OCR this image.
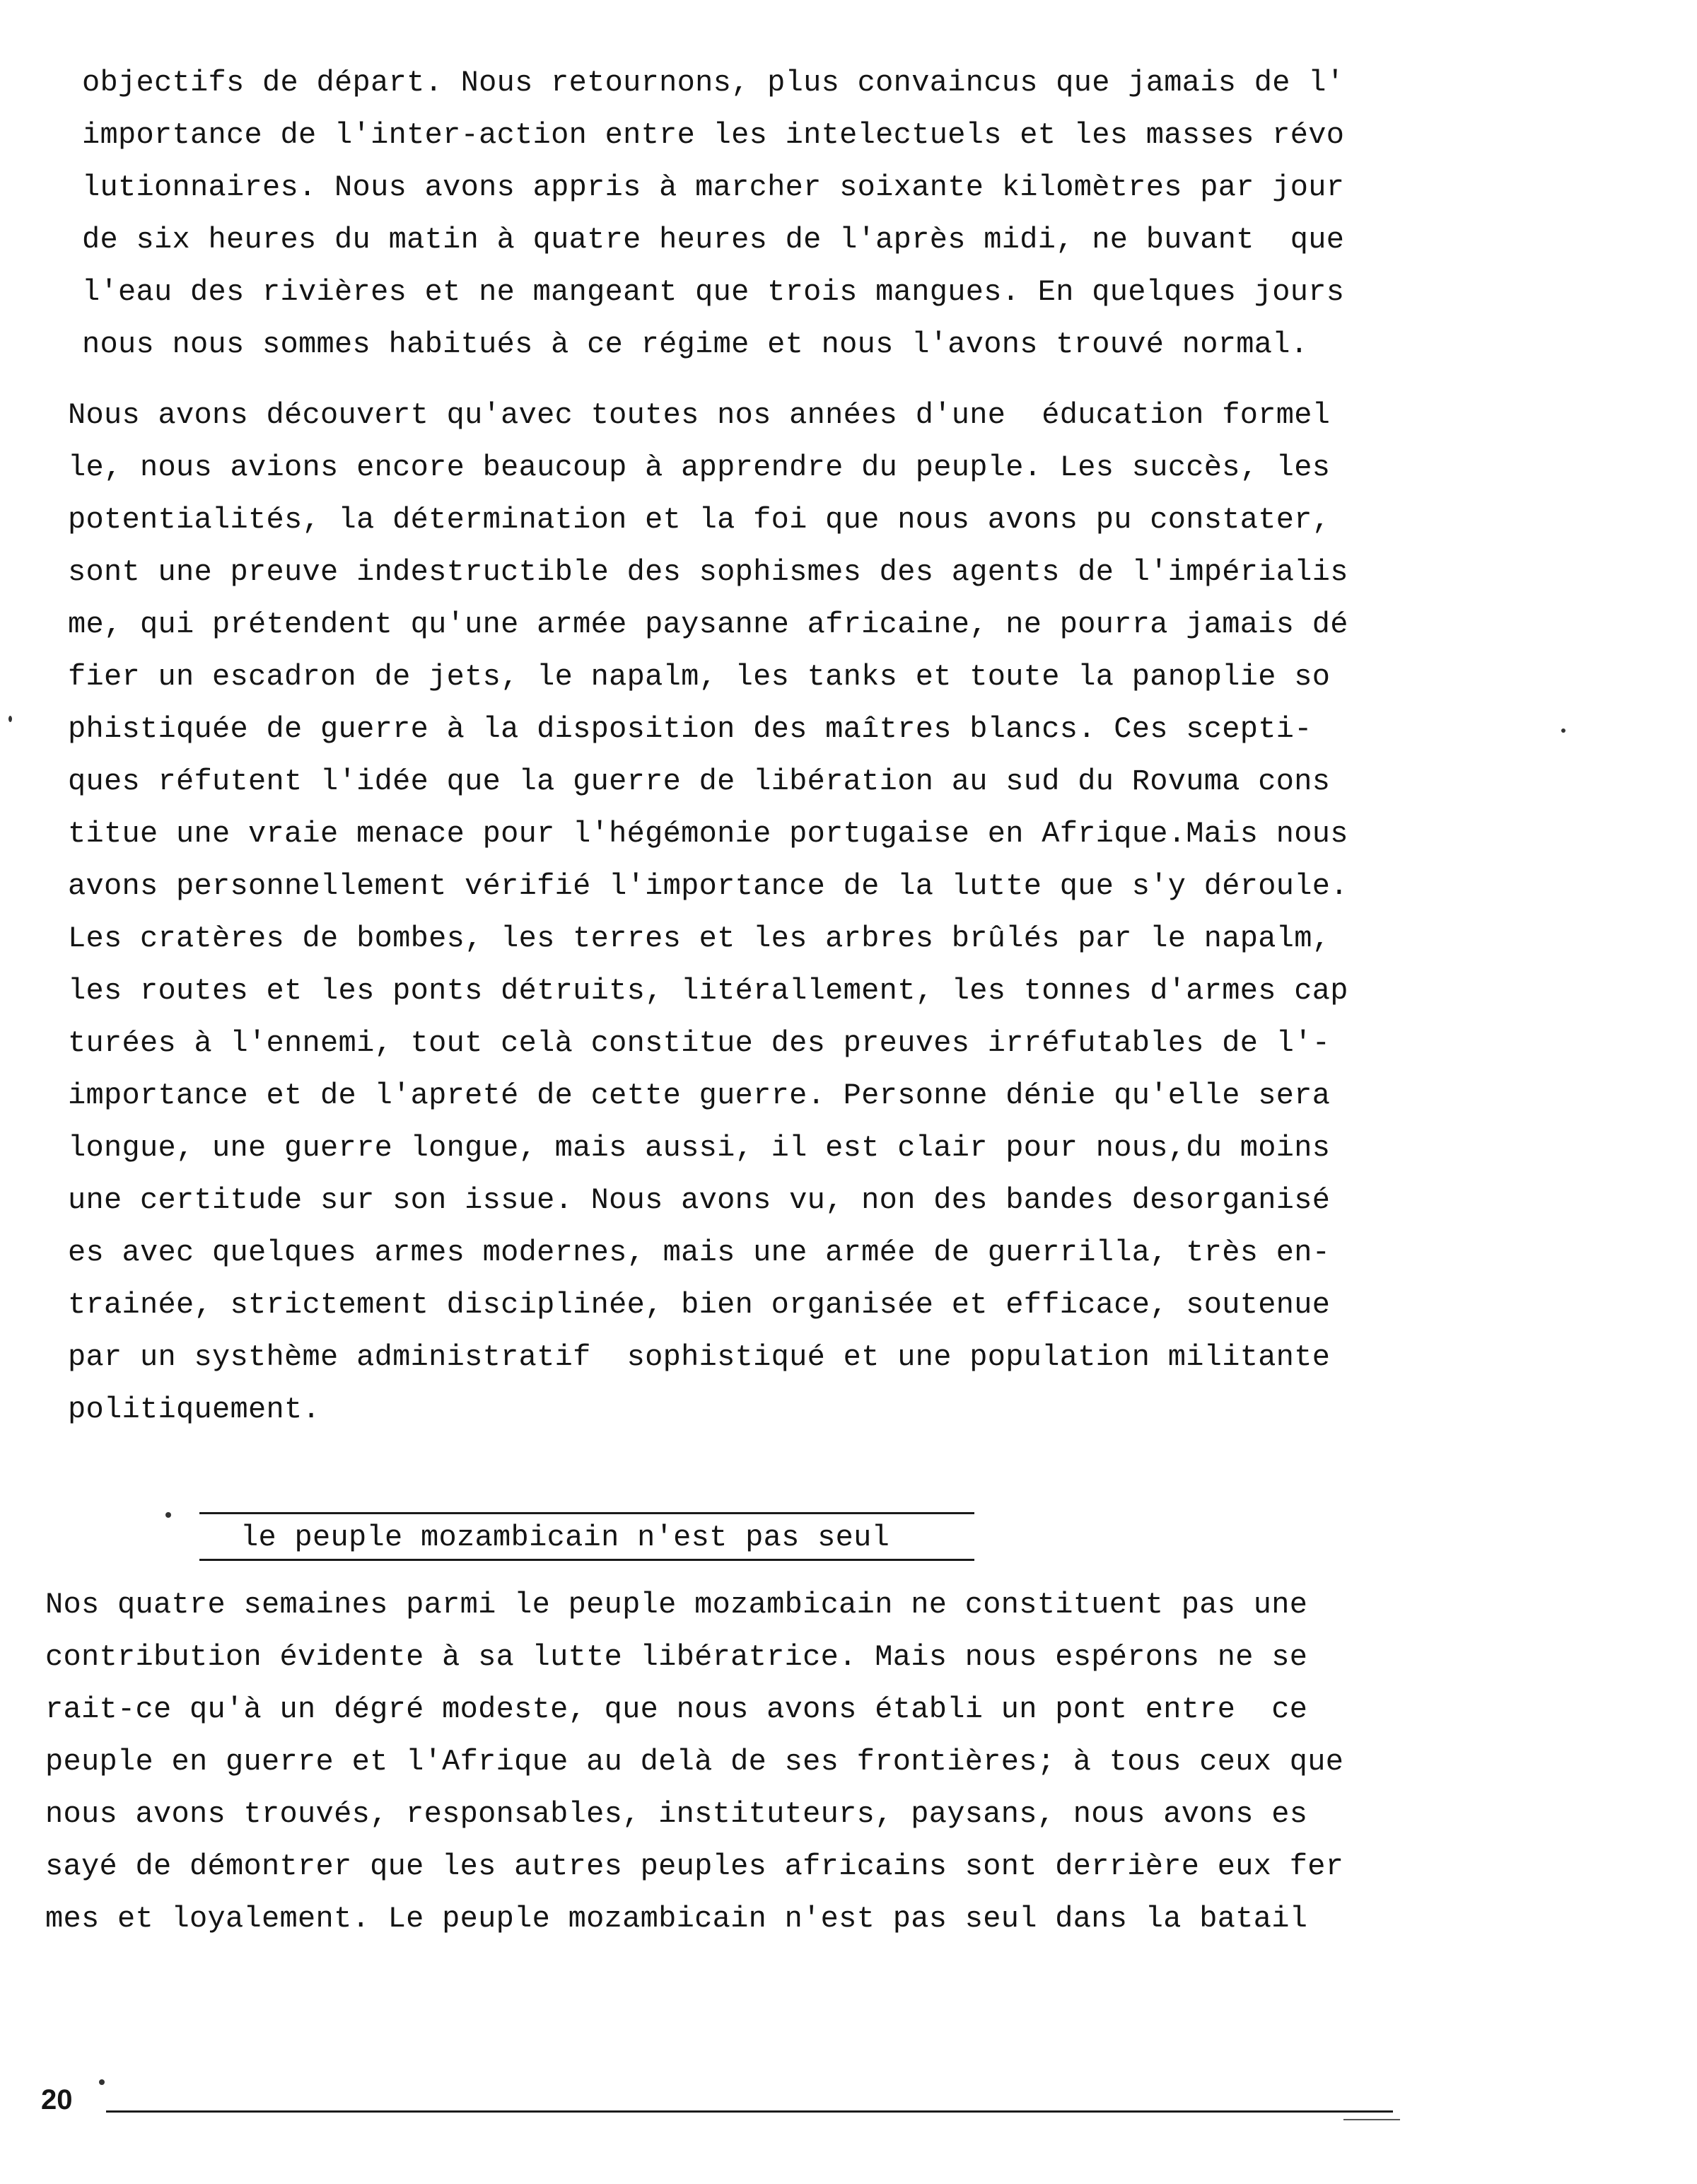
objectifs de départ. Nous retournons, plus convaincus que jamais de l'
importance de l'inter-action entre les intelectuels et les masses révo
lutionnaires. Nous avons appris à marcher soixante kilomètres par jour
de six heures du matin à quatre heures de l'après midi, ne buvant  que
l'eau des rivières et ne mangeant que trois mangues. En quelques jours
nous nous sommes habitués à ce régime et nous l'avons trouvé normal.

Nous avons découvert qu'avec toutes nos années d'une  éducation formel
le, nous avions encore beaucoup à apprendre du peuple. Les succès, les
potentialités, la détermination et la foi que nous avons pu constater,
sont une preuve indestructible des sophismes des agents de l'impérialis
me, qui prétendent qu'une armée paysanne africaine, ne pourra jamais dé
fier un escadron de jets, le napalm, les tanks et toute la panoplie so
phistiquée de guerre à la disposition des maîtres blancs. Ces scepti-
ques réfutent l'idée que la guerre de libération au sud du Rovuma cons
titue une vraie menace pour l'hégémonie portugaise en Afrique.Mais nous
avons personnellement vérifié l'importance de la lutte que s'y déroule.
Les cratères de bombes, les terres et les arbres brûlés par le napalm,
les routes et les ponts détruits, litérallement, les tonnes d'armes cap
turées à l'ennemi, tout celà constitue des preuves irréfutables de l'-
importance et de l'apreté de cette guerre. Personne dénie qu'elle sera
longue, une guerre longue, mais aussi, il est clair pour nous,du moins
une certitude sur son issue. Nous avons vu, non des bandes desorganisé
es avec quelques armes modernes, mais une armée de guerrilla, très en-
trainée, strictement disciplinée, bien organisée et efficace, soutenue
par un systhème administratif  sophistiqué et une population militante
politiquement.

le peuple mozambicain n'est pas seul

Nos quatre semaines parmi le peuple mozambicain ne constituent pas une
contribution évidente à sa lutte libératrice. Mais nous espérons ne se
rait-ce qu'à un dégré modeste, que nous avons établi un pont entre  ce
peuple en guerre et l'Afrique au delà de ses frontières; à tous ceux que
nous avons trouvés, responsables, instituteurs, paysans, nous avons es
sayé de démontrer que les autres peuples africains sont derrière eux fer
mes et loyalement. Le peuple mozambicain n'est pas seul dans la batail

20
